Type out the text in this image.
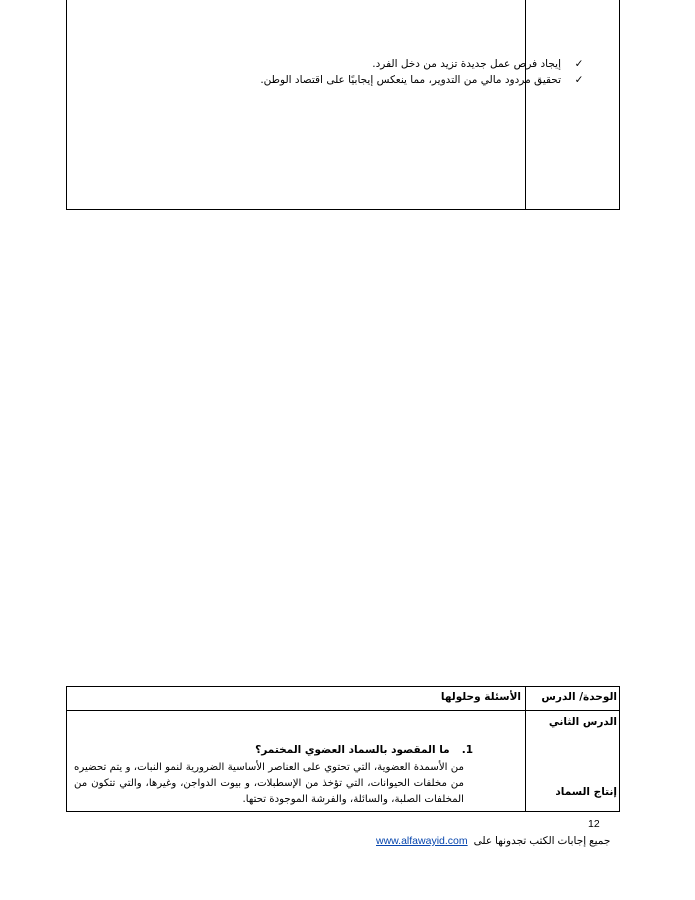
✓إيجاد فرص عمل جديدة تزيد من دخل الفرد.
✓تحقيق مردود مالي من التدوير، مما ينعكس إيجابيًا على اقتصاد الوطن.
الوحدة/ الدرس
الأسئلة وحلولها
الدرس الثاني
إنتاج السماد
1.ما المقصود بالسماد العضوي المختمر؟
من الأسمدة العضوية، التي تحتوي على العناصر الأساسية الضرورية لنمو النبات، و يتم تحضيره من مخلفات الحيوانات، التي تؤخذ من الإسطبلات، و بيوت الدواجن، وغيرها، والتي تتكون من المخلفات الصلبة، والسائلة، والفرشة الموجودة تحتها.
12
www.alfawayid.com جميع إجابات الكتب تجدونها على
